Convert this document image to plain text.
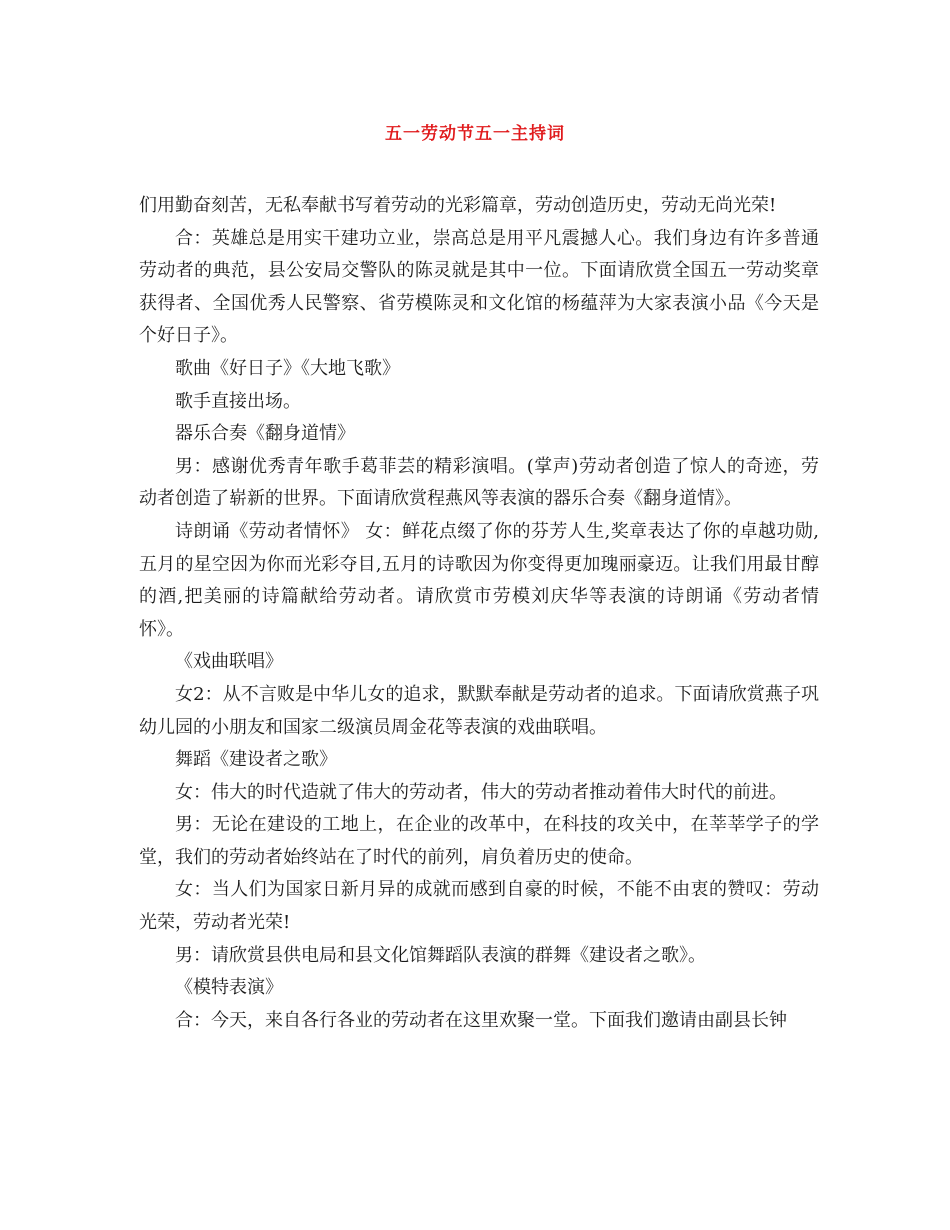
五一劳动节五一主持词

们用勤奋刻苦，无私奉献书写着劳动的光彩篇章，劳动创造历史，劳动无尚光荣!

合：英雄总是用实干建功立业，崇高总是用平凡震撼人心。我们身边有许多普通劳动者的典范，县公安局交警队的陈灵就是其中一位。下面请欣赏全国五一劳动奖章获得者、全国优秀人民警察、省劳模陈灵和文化馆的杨蕴萍为大家表演小品《今天是个好日子》。

歌曲《好日子》《大地飞歌》

歌手直接出场。

器乐合奏《翻身道情》

男：感谢优秀青年歌手葛菲芸的精彩演唱。(掌声)劳动者创造了惊人的奇迹，劳动者创造了崭新的世界。下面请欣赏程燕风等表演的器乐合奏《翻身道情》。

诗朗诵《劳动者情怀》 女：鲜花点缀了你的芬芳人生,奖章表达了你的卓越功勋,五月的星空因为你而光彩夺目,五月的诗歌因为你变得更加瑰丽豪迈。让我们用最甘醇的酒,把美丽的诗篇献给劳动者。请欣赏市劳模刘庆华等表演的诗朗诵《劳动者情怀》。

《戏曲联唱》

女2：从不言败是中华儿女的追求，默默奉献是劳动者的追求。下面请欣赏燕子巩幼儿园的小朋友和国家二级演员周金花等表演的戏曲联唱。

舞蹈《建设者之歌》

女：伟大的时代造就了伟大的劳动者，伟大的劳动者推动着伟大时代的前进。

男：无论在建设的工地上，在企业的改革中，在科技的攻关中，在莘莘学子的学堂，我们的劳动者始终站在了时代的前列，肩负着历史的使命。

女：当人们为国家日新月异的成就而感到自豪的时候，不能不由衷的赞叹：劳动光荣，劳动者光荣!

男：请欣赏县供电局和县文化馆舞蹈队表演的群舞《建设者之歌》。

《模特表演》

合：今天，来自各行各业的劳动者在这里欢聚一堂。下面我们邀请由副县长钟
